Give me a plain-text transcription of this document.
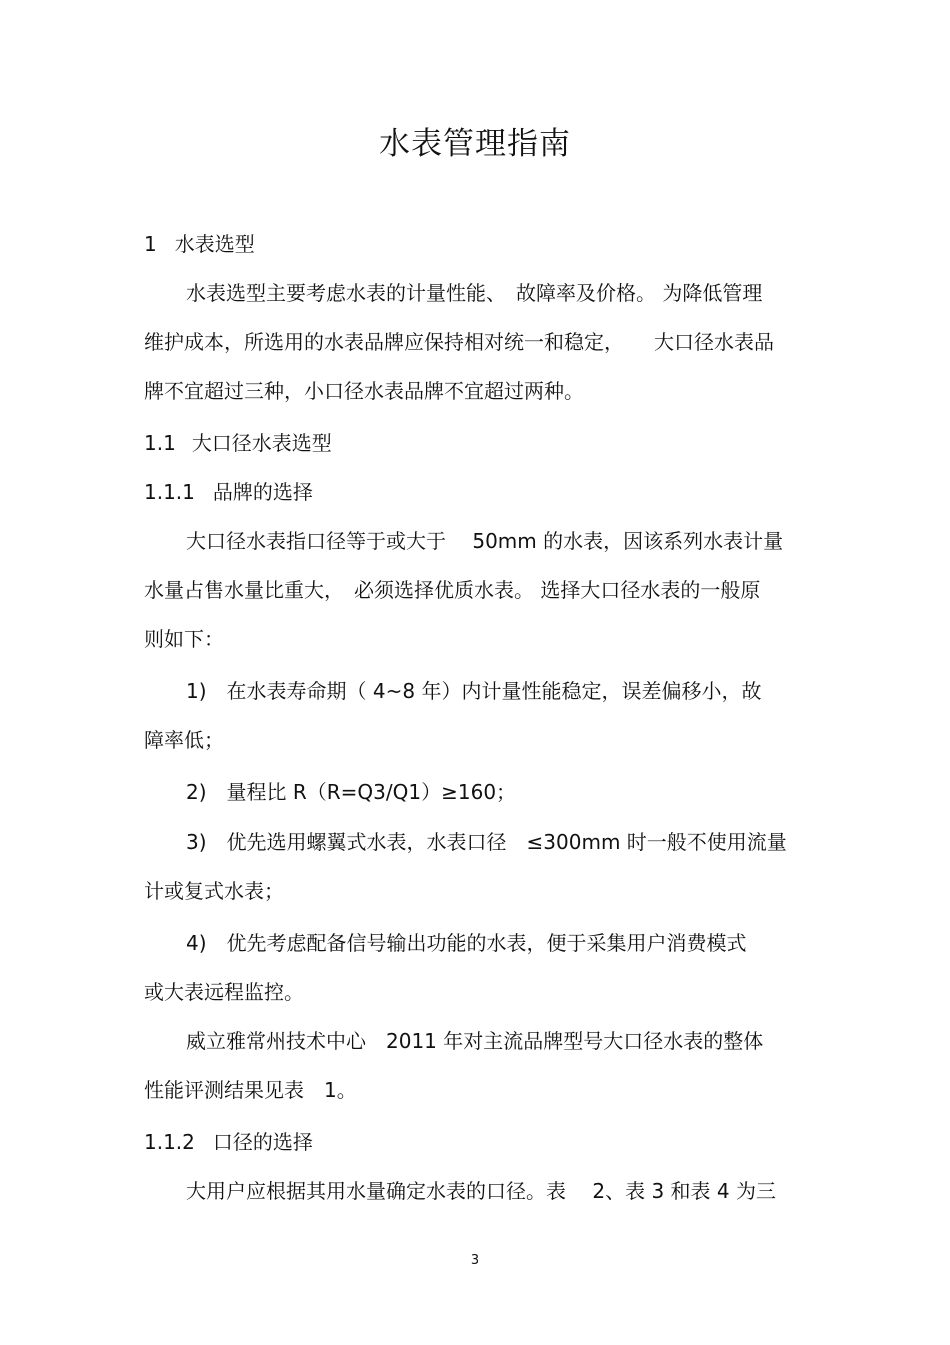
水表管理指南
1 水表选型
水表选型主要考虑水表的计量性能、　故障率及价格。 为降低管理
维护成本，所选用的水表品牌应保持相对统一和稳定，　　大口径水表品
牌不宜超过三种，小口径水表品牌不宜超过两种。
1.1 大口径水表选型
1.1.1 品牌的选择
大口径水表指口径等于或大于　 50mm 的水表，因该系列水表计量
水量占售水量比重大，　必须选择优质水表。 选择大口径水表的一般原
则如下：
1)　在水表寿命期（ 4~8 年）内计量性能稳定，误差偏移小，故
障率低；
2)　量程比 R（R=Q3/Q1）≥160；
3)　优先选用螺翼式水表，水表口径　≤300mm 时一般不使用流量
计或复式水表；
4)　优先考虑配备信号输出功能的水表，便于采集用户消费模式
或大表远程监控。
威立雅常州技术中心　2011 年对主流品牌型号大口径水表的整体
性能评测结果见表　1。
1.1.2 口径的选择
大用户应根据其用水量确定水表的口径。表　 2、表 3 和表 4 为三
3
